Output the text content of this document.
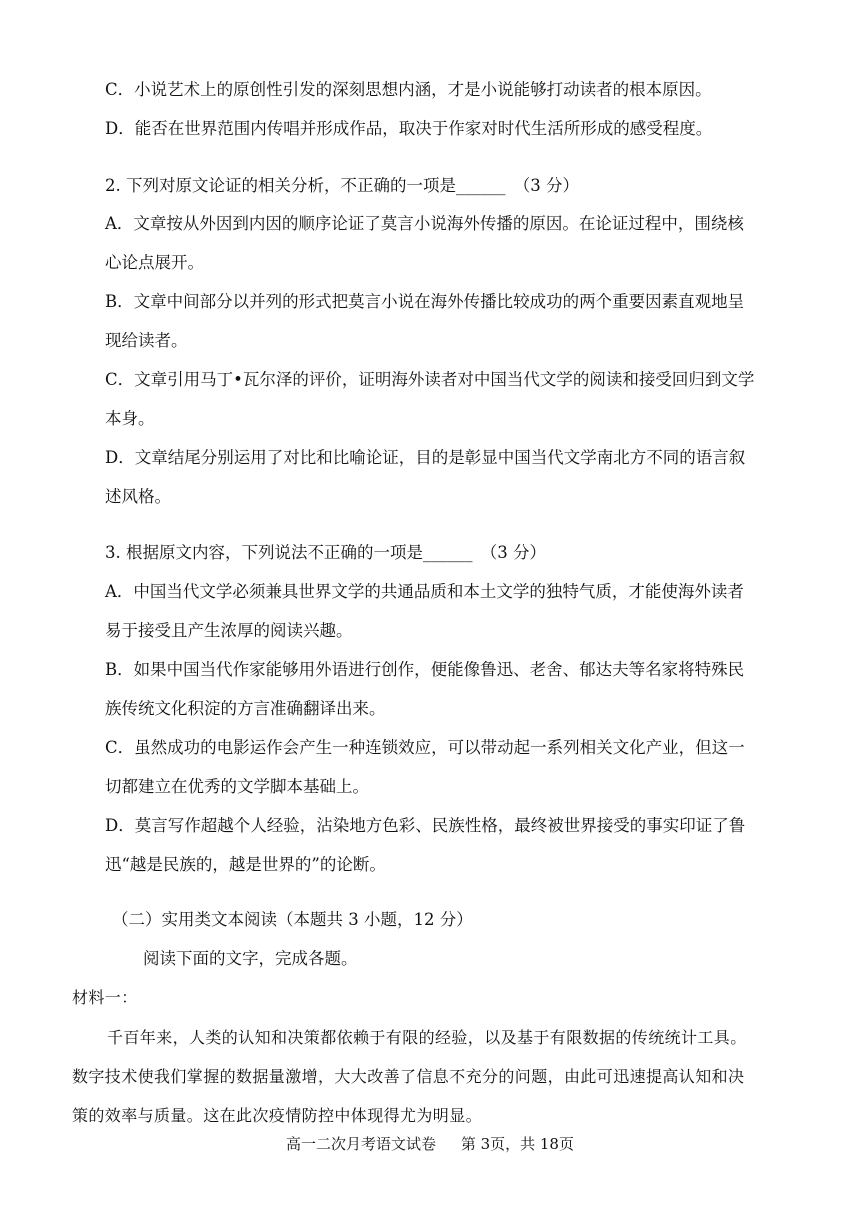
C．小说艺术上的原创性引发的深刻思想内涵，才是小说能够打动读者的根本原因。
D．能否在世界范围内传唱并形成作品，取决于作家对时代生活所形成的感受程度。
2. 下列对原文论证的相关分析，不正确的一项是______　（3 分）
A．文章按从外因到内因的顺序论证了莫言小说海外传播的原因。在论证过程中，围绕核
心论点展开。
B．文章中间部分以并列的形式把莫言小说在海外传播比较成功的两个重要因素直观地呈
现给读者。
C．文章引用马丁•瓦尔泽的评价，证明海外读者对中国当代文学的阅读和接受回归到文学
本身。
D．文章结尾分别运用了对比和比喻论证，目的是彰显中国当代文学南北方不同的语言叙
述风格。
3. 根据原文内容，下列说法不正确的一项是______　（3 分）
A．中国当代文学必须兼具世界文学的共通品质和本土文学的独特气质，才能使海外读者
易于接受且产生浓厚的阅读兴趣。
B．如果中国当代作家能够用外语进行创作，便能像鲁迅、老舍、郁达夫等名家将特殊民
族传统文化积淀的方言准确翻译出来。
C．虽然成功的电影运作会产生一种连锁效应，可以带动起一系列相关文化产业，但这一
切都建立在优秀的文学脚本基础上。
D．莫言写作超越个人经验，沾染地方色彩、民族性格，最终被世界接受的事实印证了鲁
迅“越是民族的，越是世界的”的论断。
（二）实用类文本阅读（本题共 3 小题，12 分）
阅读下面的文字，完成各题。
材料一：
千百年来，人类的认知和决策都依赖于有限的经验，以及基于有限数据的传统统计工具。
数字技术使我们掌握的数据量激增，大大改善了信息不充分的问题，由此可迅速提高认知和决
策的效率与质量。这在此次疫情防控中体现得尤为明显。
高一二次月考语文试卷 第 3页，共 18页
